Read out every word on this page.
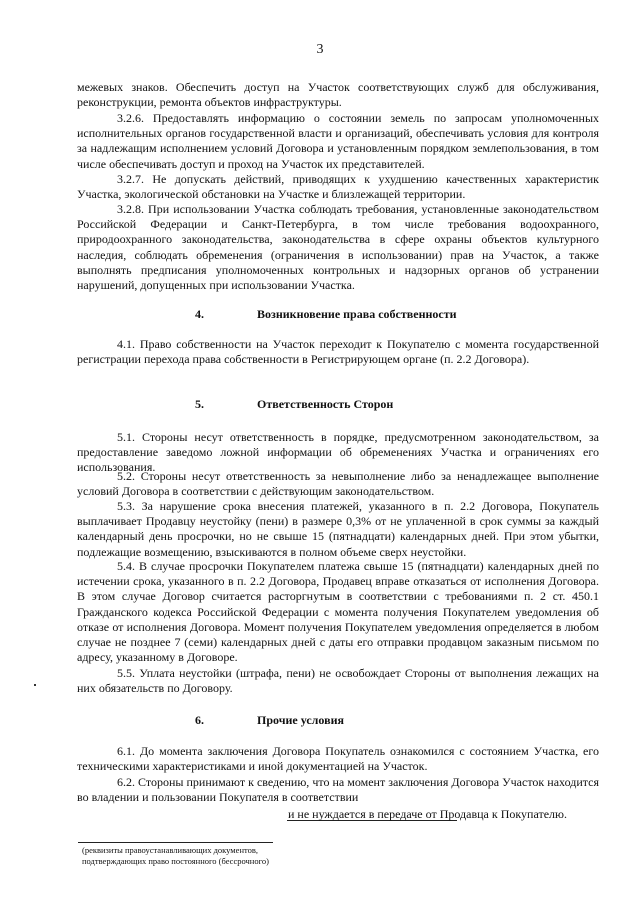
3

межевых знаков. Обеспечить доступ на Участок соответствующих служб для обслуживания, реконструкции, ремонта объектов инфраструктуры.

3.2.6. Предоставлять информацию о состоянии земель по запросам уполномоченных исполнительных органов государственной власти и организаций, обеспечивать условия для контроля за надлежащим исполнением условий Договора и установленным порядком землепользования, в том числе обеспечивать доступ и проход на Участок их представителей.

3.2.7. Не допускать действий, приводящих к ухудшению качественных характеристик Участка, экологической обстановки на Участке и близлежащей территории.

3.2.8. При использовании Участка соблюдать требования, установленные законодательством Российской Федерации и Санкт-Петербурга, в том числе требования водоохранного, природоохранного законодательства, законодательства в сфере охраны объектов культурного наследия, соблюдать обременения (ограничения в использовании) прав на Участок, а также выполнять предписания уполномоченных контрольных и надзорных органов об устранении нарушений, допущенных при использовании Участка.

4.	Возникновение права собственности

4.1. Право собственности на Участок переходит к Покупателю с момента государственной регистрации перехода права собственности в Регистрирующем органе (п. 2.2 Договора).

5.	Ответственность Сторон

5.1. Стороны несут ответственность в порядке, предусмотренном законодательством, за предоставление заведомо ложной информации об обременениях Участка и ограничениях его использования.

5.2. Стороны несут ответственность за невыполнение либо за ненадлежащее выполнение условий Договора в соответствии с действующим законодательством.

5.3. За нарушение срока внесения платежей, указанного в п. 2.2 Договора, Покупатель выплачивает Продавцу неустойку (пени) в размере 0,3% от не уплаченной в срок суммы за каждый календарный день просрочки, но не свыше 15 (пятнадцати) календарных дней. При этом убытки, подлежащие возмещению, взыскиваются в полном объеме сверх неустойки.

5.4. В случае просрочки Покупателем платежа свыше 15 (пятнадцати) календарных дней по истечении срока, указанного в п. 2.2 Договора, Продавец вправе отказаться от исполнения Договора. В этом случае Договор считается расторгнутым в соответствии с требованиями п. 2 ст. 450.1 Гражданского кодекса Российской Федерации с момента получения Покупателем уведомления об отказе от исполнения Договора. Момент получения Покупателем уведомления определяется в любом случае не позднее 7 (семи) календарных дней с даты его отправки продавцом заказным письмом по адресу, указанному в Договоре.

5.5. Уплата неустойки (штрафа, пени) не освобождает Стороны от выполнения лежащих на них обязательств по Договору.

6.	Прочие условия

6.1. До момента заключения Договора Покупатель ознакомился с состоянием Участка, его техническими характеристиками и иной документацией на Участок.

6.2. Стороны принимают к сведению, что на момент заключения Договора Участок находится во владении и пользовании Покупателя в соответствии

и не нуждается в передаче от Продавца к Покупателю.
(реквизиты правоустанавливающих документов,
подтверждающих право постоянного (бессрочного)
